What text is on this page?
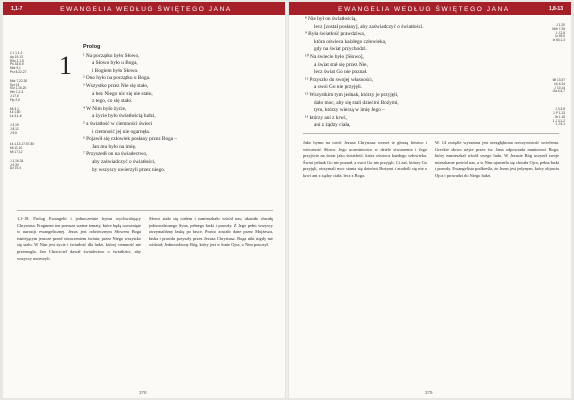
1,1-7	EWANGELIA WEDŁUG ŚWIĘTEGO JANA
1 J 1,1-2
Ap 19,13
Rdz 1,1-5
Ps 33,6-9
Mdr 9,1
Prz 8,22-27
Mdr 7,22-30
Syr 24
Kol 1,15-20
Hbr 1,2-3
J 17,5
Flp 2,6
Mt 3,1
Łk 1,80
Łk 3,1-6
J 3,19
J 8,12
J 9,5
Łk 1,13-17.57-80
Mt 11,10
Mt 17,12
J 1,19-34
J 5,33
Dz 19,4
1
Prolog
¹ Na początku było Słowo,
a Słowo było u Boga,
i Bogiem było Słowo.
² Ono było na początku u Boga.
³ Wszystko przez Nie się stało,
a bez Niego nic się nie stało,
z tego, co się stało.
⁴ W Nim było życie,
a życie było światłością ludzi,
⁵ a światłość w ciemności świeci
i ciemność jej nie ogarnęła.
⁶ Pojawił się człowiek posłany przez Boga –
Jan mu było na imię.
⁷ Przyszedł on na świadectwo,
aby zaświadczyć o światłości,
by wszyscy uwierzyli przez niego.

1,1-18. Prolog Ewangelii i jednocześnie hymn wychwalający Chrystusa. Fragment ten porusza ważne tematy, które będą rozwinięte w narracji ewangelicznej. Jezus jest odwiecznym Słowem Boga istniejącym jeszcze przed stworzeniem świata; przez Niego wszystko się stało. W Nim jest życie i światłość dla ludzi, której ciemność nie przemogła. Jan Chrzciciel dawał świadectwo o światłości, aby wszyscy uwierzyli.

Słowo stało się ciałem i zamieszkało wśród nas; ukazało chwałę jednorodzonego Syna, pełnego łaski i prawdy. Z Jego pełni wszyscy otrzymaliśmy łaskę po łasce. Prawo zostało dane przez Mojżesza, łaska i prawda przyszły przez Jezusa Chrystusa. Boga nikt nigdy nie widział; Jednorodzony Bóg, który jest w łonie Ojca, o Nim pouczył.

378
EWANGELIA WEDŁUG ŚWIĘTEGO JANA	1,8-13
⁸ Nie był on światłością,
lecz [został posłany], aby zaświadczyć o światłości.
⁹ Była światłość prawdziwa,
która oświeca każdego człowieka,
gdy na świat przychodzi.
¹⁰ Na świecie było [Słowo],
a świat stał się przez Nie,
lecz świat Go nie poznał.
¹¹ Przyszło do swojej własności,
a swoi Go nie przyjęli.
¹² Wszystkim tym jednak, którzy je przyjęli,
dało moc, aby się stali dziećmi Bożymi,
tym, którzy wierzą w imię Jego –
¹³ którzy ani z krwi,
ani z żądzy ciała,
J 1,20
Mdr 7,26
1 J 2,8
Iz 49,6
Iz 60,1-3
Mt 13,57
Łk 4,24
J 10,14
Ga 4,4-7
J 3,3-8
1 P 1,23
Jk 1,18
1 J 3,1-2
1 J 5,1

Jako hymn na cześć Jezusa Chrystusa werset te głoszą bóstwo i wieczność Słowa. Jego uczestnictwo w dziele stworzenia i Jego przyjście na świat jako światłość, która oświeca każdego człowieka. Świat jednak Go nie poznał, a swoi Go nie przyjęli. Ci zaś, którzy Go przyjęli, otrzymali moc stania się dziećmi Bożymi i zrodzili się nie z krwi ani z żądzy ciała, lecz z Boga.

W. 14 zwięźle wyrażona jest niezgłębiona rzeczywistość wcielenia. Greckie słowo użyte przez św. Jana odpowiada namiotowi Boga, który zamieszkał wśród swego ludu. W Jezusie Bóg uczynił swoje mieszkanie pośród nas, a w Nim ujawniła się chwała Ojca, pełna łaski i prawdy. Ewangelista podkreśla, że Jezus jest jedynym, który objawia Ojca i prowadzi do Niego ludzi.

379
